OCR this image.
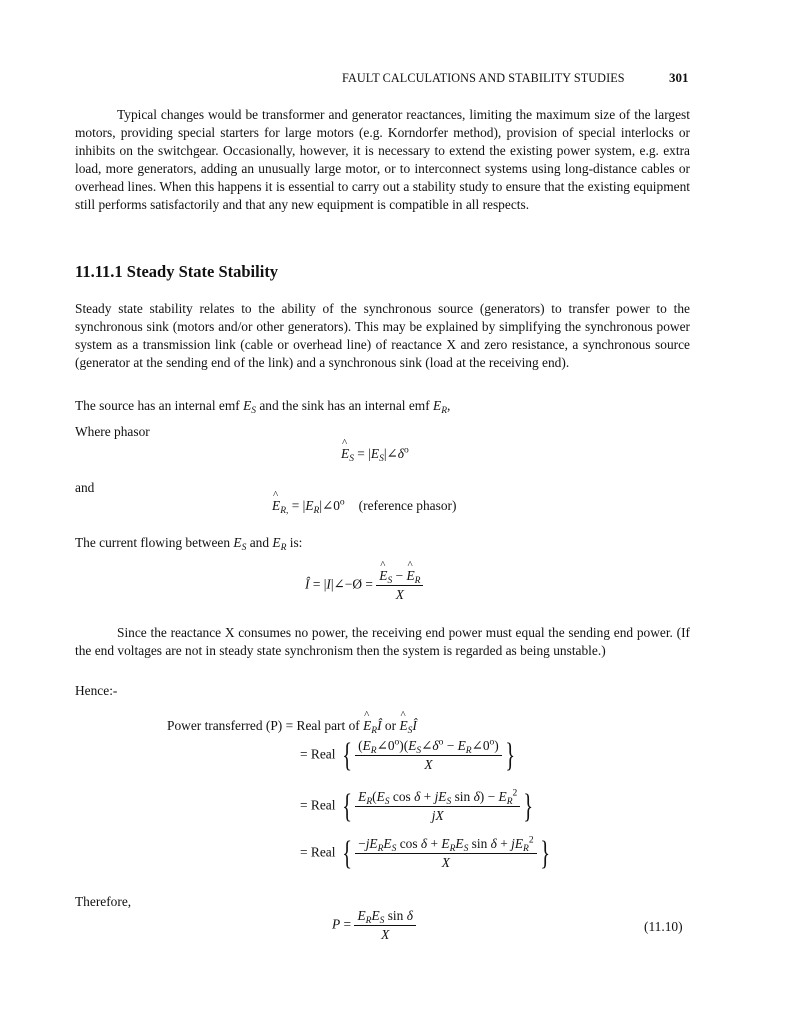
FAULT CALCULATIONS AND STABILITY STUDIES	301

Typical changes would be transformer and generator reactances, limiting the maximum size of the largest motors, providing special starters for large motors (e.g. Korndorfer method), provision of special interlocks or inhibits on the switchgear. Occasionally, however, it is necessary to extend the existing power system, e.g. extra load, more generators, adding an unusually large motor, or to interconnect systems using long-distance cables or overhead lines. When this happens it is essential to carry out a stability study to ensure that the existing equipment still performs satisfactorily and that any new equipment is compatible in all respects.

11.11.1 Steady State Stability

Steady state stability relates to the ability of the synchronous source (generators) to transfer power to the synchronous sink (motors and/or other generators). This may be explained by simplifying the synchronous power system as a transmission link (cable or overhead line) of reactance X and zero resistance, a synchronous source (generator at the sending end of the link) and a synchronous sink (load at the receiving end).

The source has an internal emf $E_S$ and the sink has an internal emf $E_R$,
Where phasor
^ $E_S$ = $|E_S|\angle\delta^o$
and
^ $E_{R,}$ = $|E_R|\angle 0^o$ (reference phasor)
The current flowing between $E_S$ and $E_R$ is:
Î = |I|∠−Ø = ^ $\frac{E_S - \^{} E_R}{X}$

Since the reactance X consumes no power, the receiving end power must equal the sending end power. (If the end voltages are not in steady state synchronism then the system is regarded as being unstable.)

Hence:-
Power transferred (P) = Real part of ^ $E_RÎ$ or ^ $E_SÎ$
= Real { $\frac{(E_R\angle 0^o)(E_S\angle\delta^o - E_R\angle 0^o)}{X}$ }
= Real { $\frac{E_R(E_S \cos \delta + jE_S \sin \delta) - E_R^2}{jX}$ }
= Real { $\frac{-jE_RE_S \cos \delta + E_RE_S \sin \delta + jE_R^2}{X}$ }
Therefore,
$P = \frac{E_RE_S \sin \delta}{X}$	(11.10)
